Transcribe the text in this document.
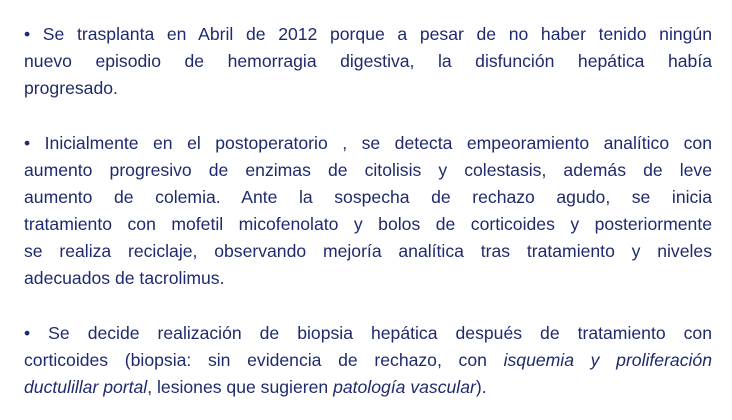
• Se trasplanta en Abril de 2012 porque a pesar de no haber tenido ningún
nuevo episodio de hemorragia digestiva, la disfunción hepática había
progresado.
• Inicialmente en el postoperatorio , se detecta empeoramiento analítico con
aumento progresivo de enzimas de citolisis y colestasis, además de leve
aumento de colemia. Ante la sospecha de rechazo agudo, se inicia
tratamiento con mofetil micofenolato y bolos de corticoides y posteriormente
se realiza reciclaje, observando mejoría analítica tras tratamiento y niveles
adecuados de tacrolimus.
• Se decide realización de biopsia hepática después de tratamiento con
corticoides (biopsia: sin evidencia de rechazo, con isquemia y proliferación
ductulillar portal, lesiones que sugieren patología vascular).
